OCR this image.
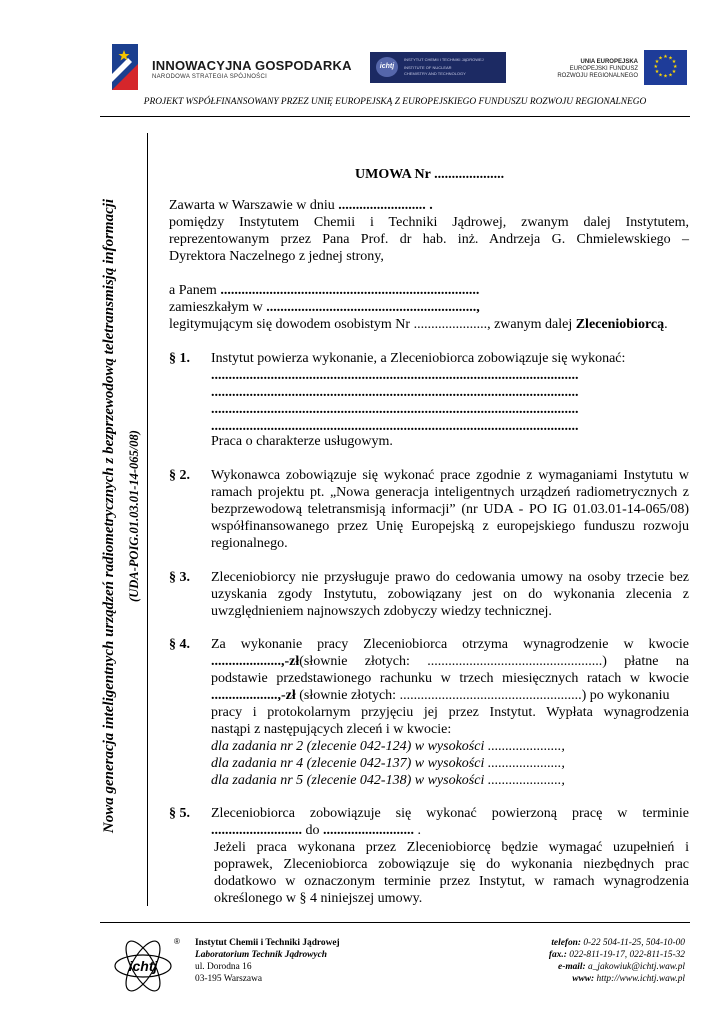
INNOWACYJNA GOSPODARKA
NARODOWA STRATEGIA SPÓJNOŚCI
ichtj
INSTYTUT CHEMII I TECHNIKI JĄDROWEJ
INSTITUTE OF NUCLEAR
CHEMISTRY AND TECHNOLOGY
UNIA EUROPEJSKA
EUROPEJSKI FUNDUSZ
ROZWOJU REGIONALNEGO
★ ★
★
★
★
★
★
★
★
★
★
★
PROJEKT WSPÓŁFINANSOWANY PRZEZ UNIĘ EUROPEJSKĄ Z EUROPEJSKIEGO FUNDUSZU ROZWOJU REGIONALNEGO
Nowa generacja inteligentnych urządzeń radiometrycznych z bezprzewodową teletransmisją informacji (UDA-POIG.01.03.01-14-065/08)
UMOWA Nr ....................
Zawarta w Warszawie w dniu ......................... .
pomiędzy Instytutem Chemii i Techniki Jądrowej, zwanym dalej Instytutem,
reprezentowanym przez Pana Prof. dr hab. inż. Andrzeja G. Chmielewskiego –
Dyrektora Naczelnego z jednej strony,
a Panem ..........................................................................
zamieszkałym w ............................................................,
legitymującym się dowodem osobistym Nr ....................., zwanym dalej Zleceniobiorcą.
§ 1. Instytut powierza wykonanie, a Zleceniobiorca zobowiązuje się wykonać:
.........................................................................................................
.........................................................................................................
.........................................................................................................
.........................................................................................................
Praca o charakterze usługowym.
§ 2. Wykonawca zobowiązuje się wykonać prace zgodnie z wymaganiami Instytutu w ramach projektu pt. „Nowa generacja inteligentnych urządzeń radiometrycznych z bezprzewodową teletransmisją informacji” (nr UDA - PO IG 01.03.01-14-065/08) współfinansowanego przez Unię Europejską z europejskiego funduszu rozwoju regionalnego.
§ 3. Zleceniobiorcy nie przysługuje prawo do cedowania umowy na osoby trzecie bez uzyskania zgody Instytutu, zobowiązany jest on do wykonania zlecenia z uwzględnieniem najnowszych zdobyczy wiedzy technicznej.
§ 4. Za wykonanie pracy Zleceniobiorca otrzyma wynagrodzenie w kwocie
....................,-zł (słownie złotych: ..................................................) płatne na
podstawie przedstawionego rachunku w trzech miesięcznych ratach w kwocie
...................,-zł (słownie złotych: ....................................................) po wykonaniu
pracy i protokolarnym przyjęciu jej przez Instytut. Wypłata wynagrodzenia
nastąpi z następujących zleceń i w kwocie:
dla zadania nr 2 (zlecenie 042-124) w wysokości .....................,
dla zadania nr 4 (zlecenie 042-137) w wysokości .....................,
dla zadania nr 5 (zlecenie 042-138) w wysokości .....................,
§ 5. Zleceniobiorca zobowiązuje się wykonać powierzoną pracę w terminie
.......................... do .......................... .
Jeżeli praca wykonana przez Zleceniobiorcę będzie wymagać uzupełnień i
poprawek, Zleceniobiorca zobowiązuje się do wykonania niezbędnych prac
dodatkowo w oznaczonym terminie przez Instytut, w ramach wynagrodzenia
określonego w § 4 niniejszej umowy.
ichtj
® Instytut Chemii i Techniki Jądrowej
Laboratorium Technik Jądrowych
ul. Dorodna 16
03-195 Warszawa
telefon: 0-22 504-11-25, 504-10-00
fax.: 022-811-19-17, 022-811-15-32
e-mail: a_jakowiuk@ichtj.waw.pl
www: http://www.ichtj.waw.pl
